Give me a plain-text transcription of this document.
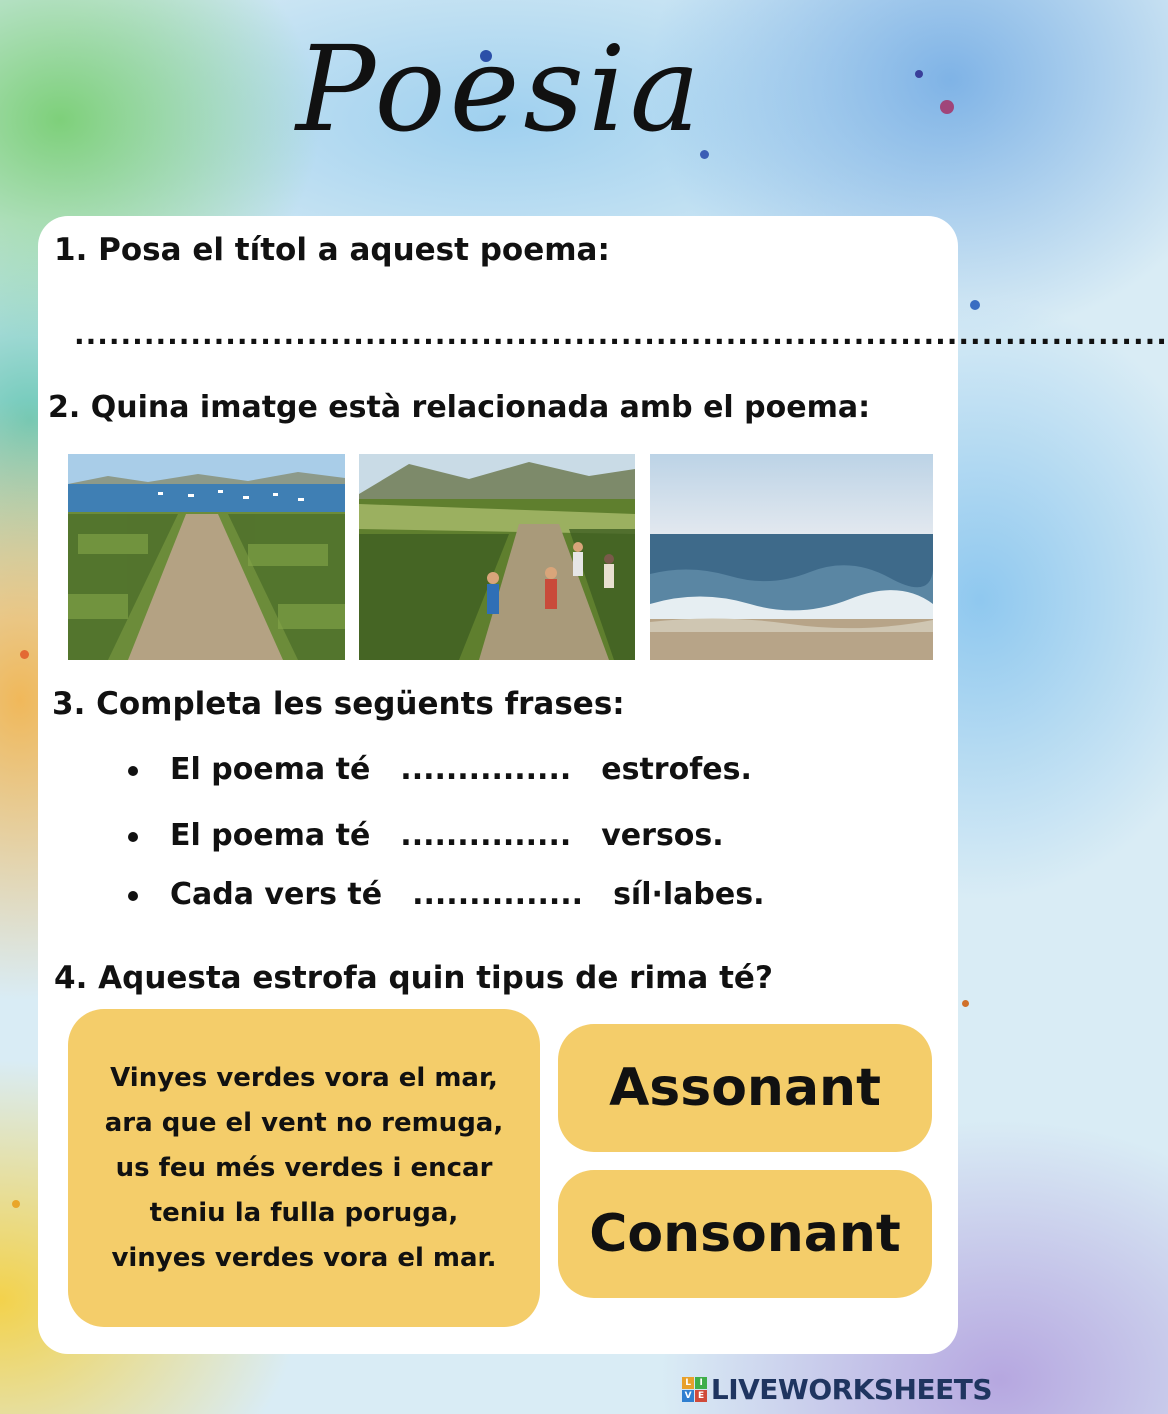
Poesia
1. Posa el títol a aquest poema:
..............................................................................................
2. Quina imatge està relacionada amb el poema:
3. Completa les següents frases:
El poema té ............... estrofes.
El poema té ............... versos.
Cada vers té ............... síl·labes.
4. Aquesta estrofa quin tipus de rima té?
Vinyes verdes vora el mar,
ara que el vent no remuga,
us feu més verdes i encar
teniu la fulla poruga,
vinyes verdes vora el mar.
Assonant
Consonant
L I
V E LIVEWORKSHEETS
